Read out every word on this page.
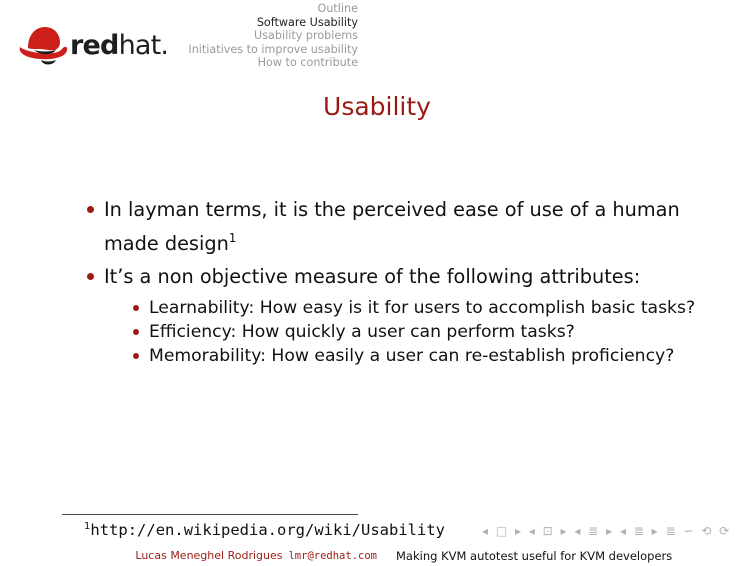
redhat.
Outline
Software Usability
Usability problems
Initiatives to improve usability
How to contribute
Usability
In layman terms, it is the perceived ease of use of a human made design$^1$
It’s a non objective measure of the following attributes:
Learnability: How easy is it for users to accomplish basic tasks?
Efficiency: How quickly a user can perform tasks?
Memorability: How easily a user can re-establish proficiency?
$^1$http://en.wikipedia.org/wiki/Usability	◂ □ ▸ ◂ ⊡ ▸ ◂ ≣ ▸ ◂ ≣ ▸ ≣ ∽ ⟲ ⟳
Lucas Meneghel Rodrigues lmr@redhat.com Making KVM autotest useful for KVM developers
